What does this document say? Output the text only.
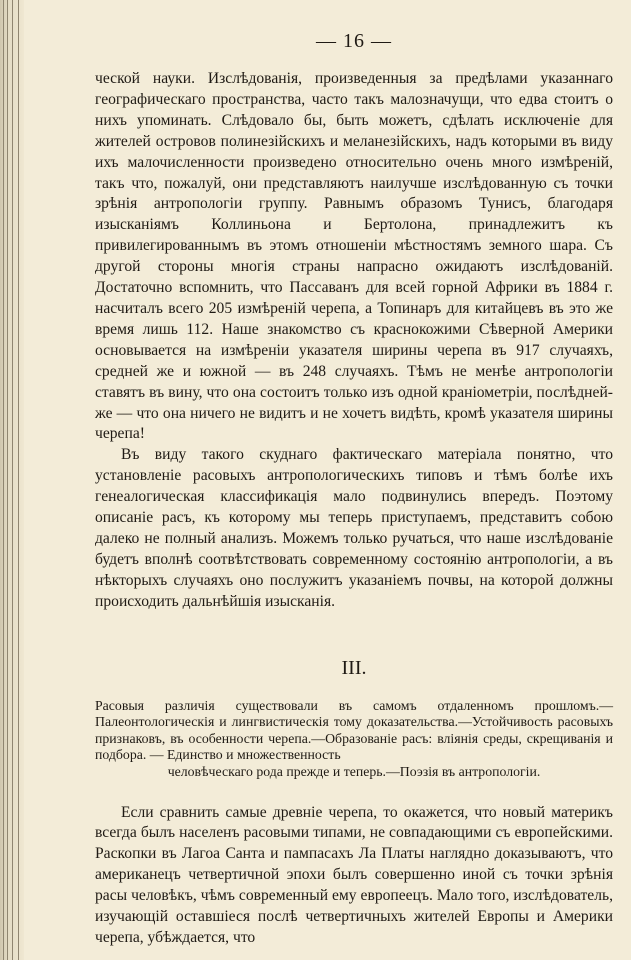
— 16 —

ческой науки. Изслѣдованія, произведенныя за предѣлами указаннаго географическаго пространства, часто такъ малозначущи, что едва стоитъ о нихъ упоминать. Слѣдовало бы, быть можетъ, сдѣлать исключеніе для жителей островов полинезійскихъ и меланезійскихъ, надъ которыми въ виду ихъ малочисленности произведено относительно очень много измѣреній, такъ что, пожалуй, они представляютъ наилучше изслѣдованную съ точки зрѣнія антропологіи группу. Равнымъ образомъ Тунисъ, благодаря изысканіямъ Коллиньона и Бертолона, принадлежитъ къ привилегированнымъ въ этомъ отношеніи мѣстностямъ земного шара. Съ другой стороны многія страны напрасно ожидаютъ изслѣдованій. Достаточно вспомнить, что Пассаванъ для всей горной Африки въ 1884 г. насчиталъ всего 205 измѣреній черепа, а Топинаръ для китайцевъ въ это же время лишь 112. Наше знакомство съ краснокожими Сѣверной Америки основывается на измѣреніи указателя ширины черепа въ 917 случаяхъ, средней же и южной — въ 248 случаяхъ. Тѣмъ не менѣе антропологіи ставятъ въ вину, что она состоитъ только изъ одной краніометріи, послѣдней-же — что она ничего не видитъ и не хочетъ видѣть, кромѣ указателя ширины черепа!

Въ виду такого скуднаго фактическаго матеріала понятно, что установленіе расовыхъ антропологическихъ типовъ и тѣмъ болѣе ихъ генеалогическая классификація мало подвинулись впередъ. Поэтому описаніе расъ, къ которому мы теперь приступаемъ, представитъ собою далеко не полный анализъ. Можемъ только ручаться, что наше изслѣдованіе будетъ вполнѣ соотвѣтствовать современному состоянію антропологіи, а въ нѣкторыхъ случаяхъ оно послужитъ указаніемъ почвы, на которой должны происходить дальнѣйшія изысканія.

III.
Расовыя различія существовали въ самомъ отдаленномъ прошломъ.— Палеонтологическія и лингвистическія тому доказательства.—Устойчивость расовыхъ признаковъ, въ особенности черепа.—Образованіе расъ: вліянія среды, скрещиванія и подбора. — Единство и множественность
человѣческаго рода прежде и теперь.—Поэзія въ антропологіи.

Если сравнить самые древніе черепа, то окажется, что новый материкъ всегда былъ населенъ расовыми типами, не совпадающими съ европейскими. Раскопки въ Лагоа Санта и пампасахъ Ла Платы наглядно доказываютъ, что американецъ четвертичной эпохи былъ совершенно иной съ точки зрѣнія расы человѣкъ, чѣмъ современный ему европеецъ. Мало того, изслѣдователь, изучающій оставшіеся послѣ четвертичныхъ жителей Европы и Америки черепа, убѣждается, что
